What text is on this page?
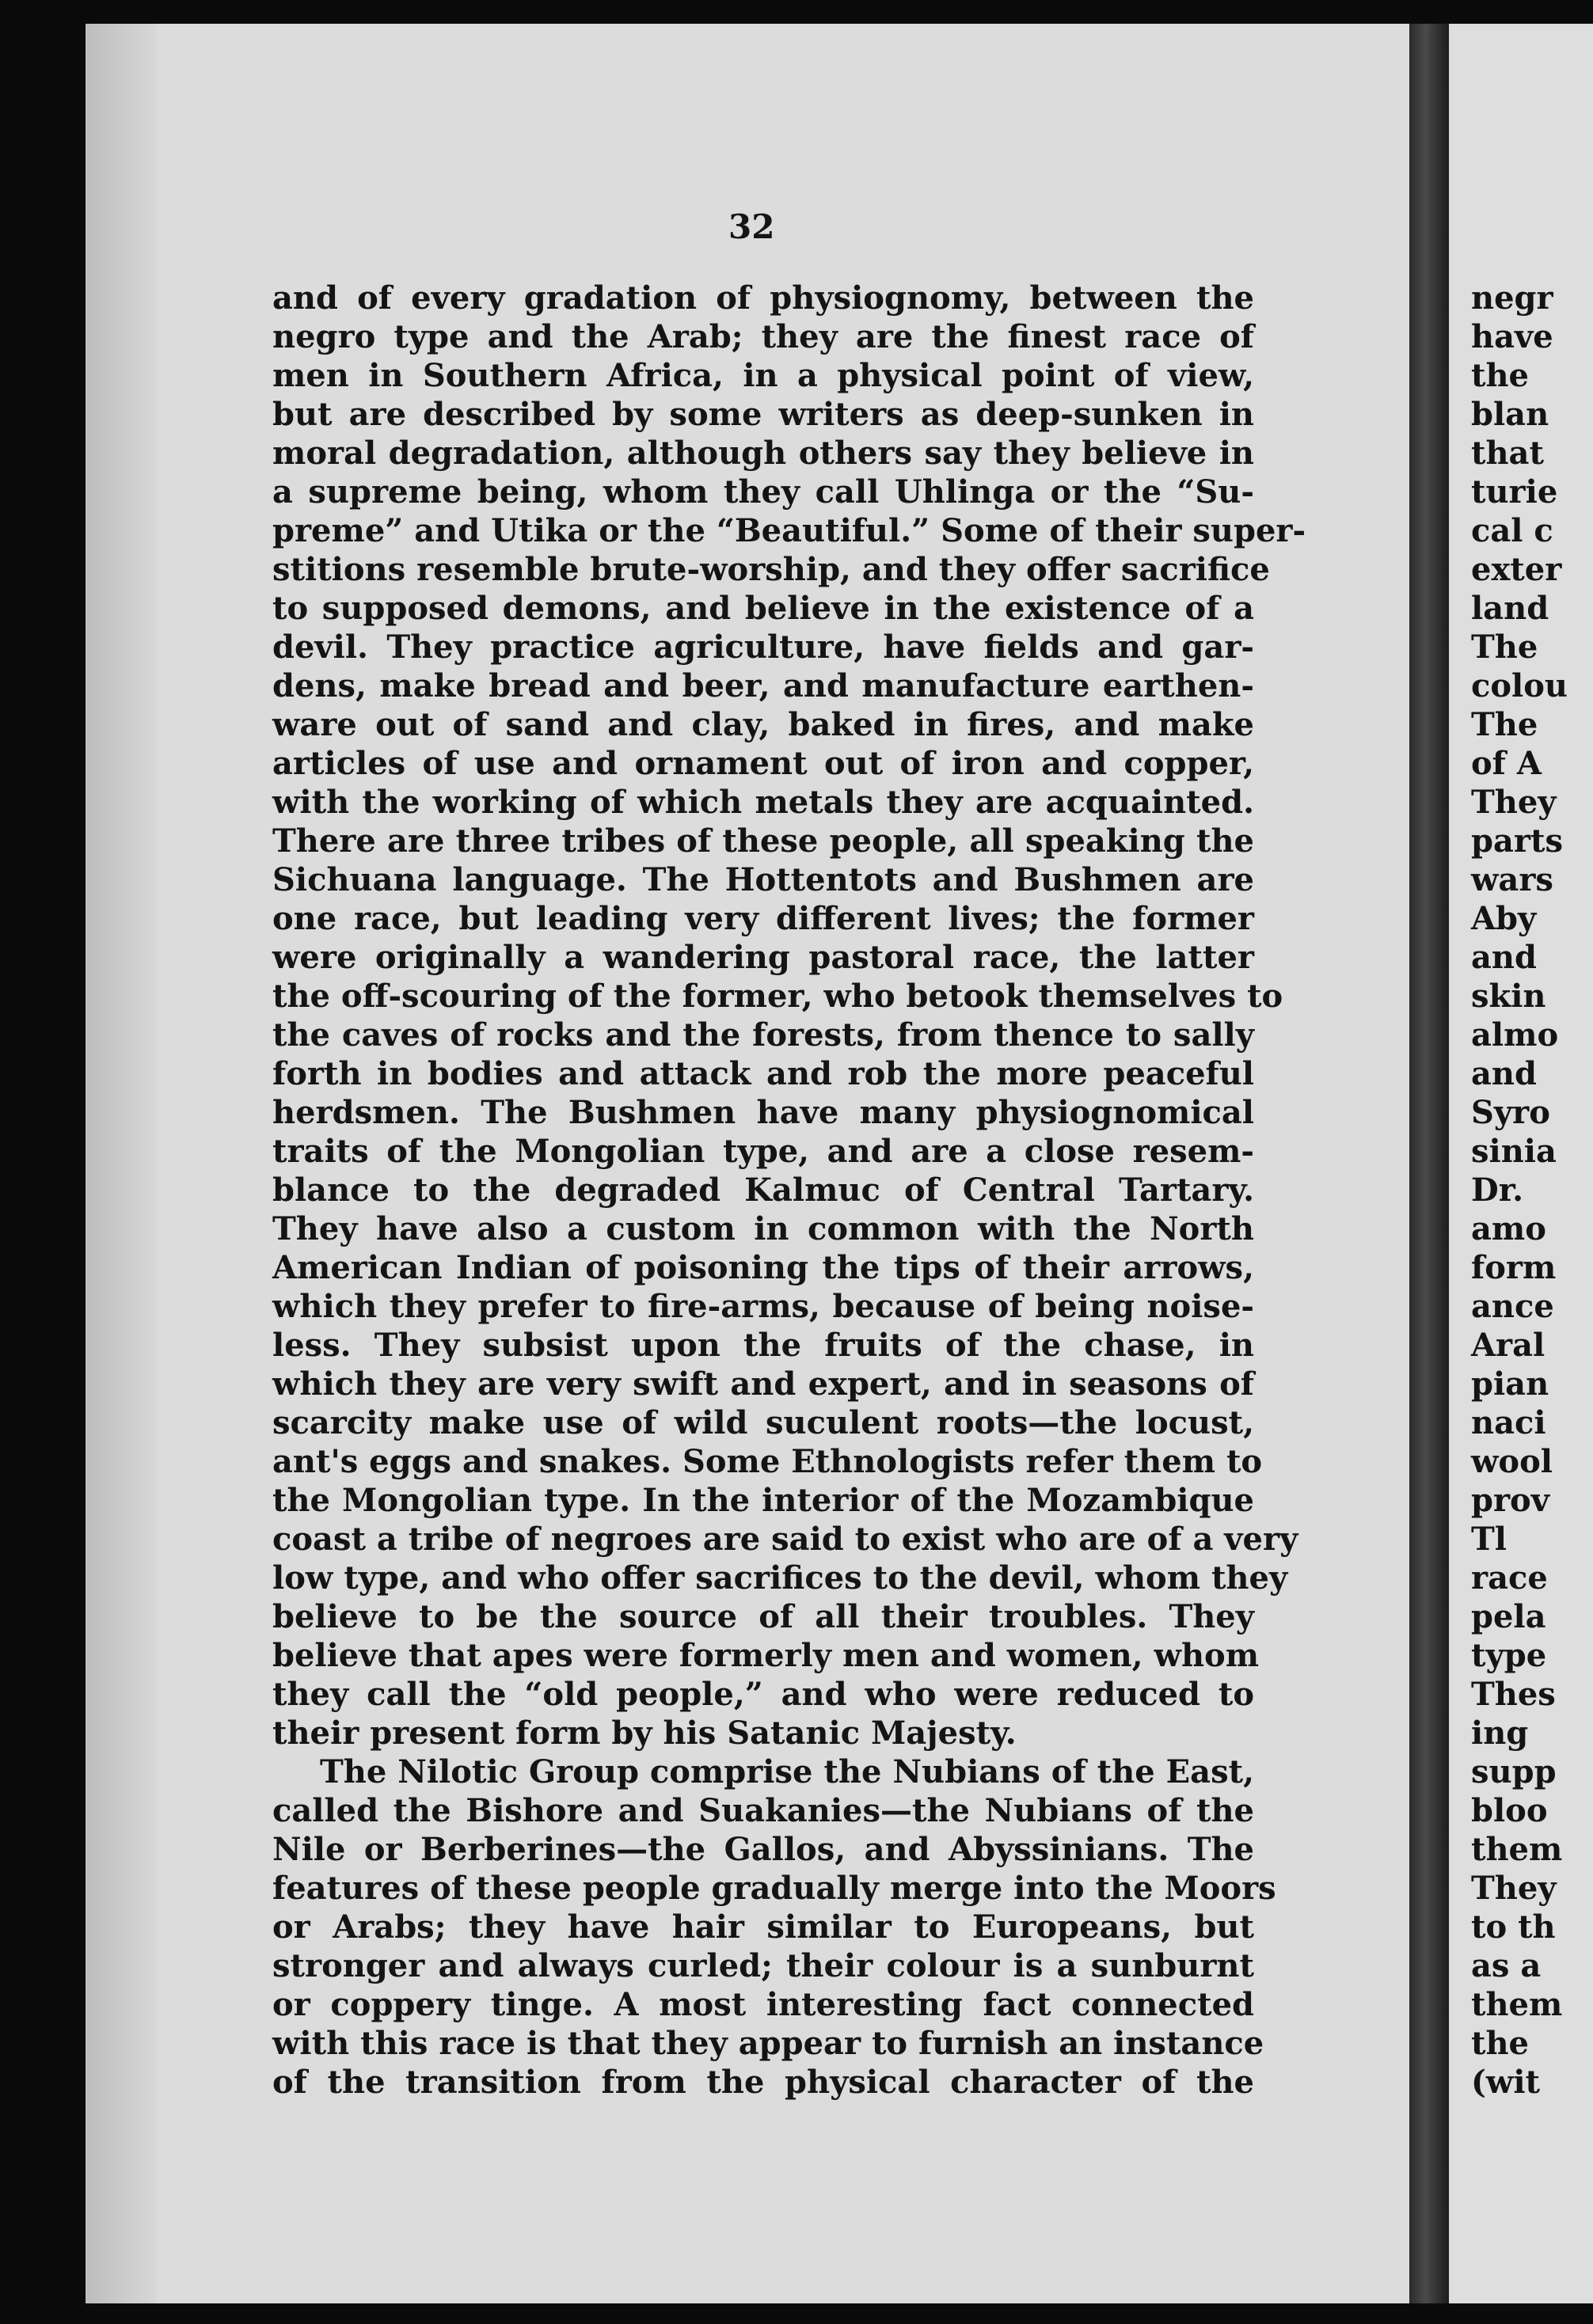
32
and of every gradation of physiognomy, between the
negro type and the Arab; they are the finest race of
men in Southern Africa, in a physical point of view,
but are described by some writers as deep-sunken in
moral degradation, although others say they believe in
a supreme being, whom they call Uhlinga or the “Su-
preme” and Utika or the “Beautiful.” Some of their super-
stitions resemble brute-worship, and they offer sacrifice
to supposed demons, and believe in the existence of a
devil. They practice agriculture, have fields and gar-
dens, make bread and beer, and manufacture earthen-
ware out of sand and clay, baked in fires, and make
articles of use and ornament out of iron and copper,
with the working of which metals they are acquainted.
There are three tribes of these people, all speaking the
Sichuana language. The Hottentots and Bushmen are
one race, but leading very different lives; the former
were originally a wandering pastoral race, the latter
the off-scouring of the former, who betook themselves to
the caves of rocks and the forests, from thence to sally
forth in bodies and attack and rob the more peaceful
herdsmen. The Bushmen have many physiognomical
traits of the Mongolian type, and are a close resem-
blance to the degraded Kalmuc of Central Tartary.
They have also a custom in common with the North
American Indian of poisoning the tips of their arrows,
which they prefer to fire-arms, because of being noise-
less. They subsist upon the fruits of the chase, in
which they are very swift and expert, and in seasons of
scarcity make use of wild suculent roots—the locust,
ant's eggs and snakes. Some Ethnologists refer them to
the Mongolian type. In the interior of the Mozambique
coast a tribe of negroes are said to exist who are of a very
low type, and who offer sacrifices to the devil, whom they
believe to be the source of all their troubles. They
believe that apes were formerly men and women, whom
they call the “old people,” and who were reduced to
their present form by his Satanic Majesty.
The Nilotic Group comprise the Nubians of the East,
called the Bishore and Suakanies—the Nubians of the
Nile or Berberines—the Gallos, and Abyssinians. The
features of these people gradually merge into the Moors
or Arabs; they have hair similar to Europeans, but
stronger and always curled; their colour is a sunburnt
or coppery tinge. A most interesting fact connected
with this race is that they appear to furnish an instance
of the transition from the physical character of the
negr
have
the
blan
that
turie
cal c
exter
land
The
colou
The
of A
They
parts
wars
Aby
and
skin
almo
and
Syro
sinia
Dr.
amo
form
ance
Aral
pian
naci
wool
prov
Tl
race
pela
type
Thes
ing
supp
bloo
them
They
to th
as a
them
the
(wit
